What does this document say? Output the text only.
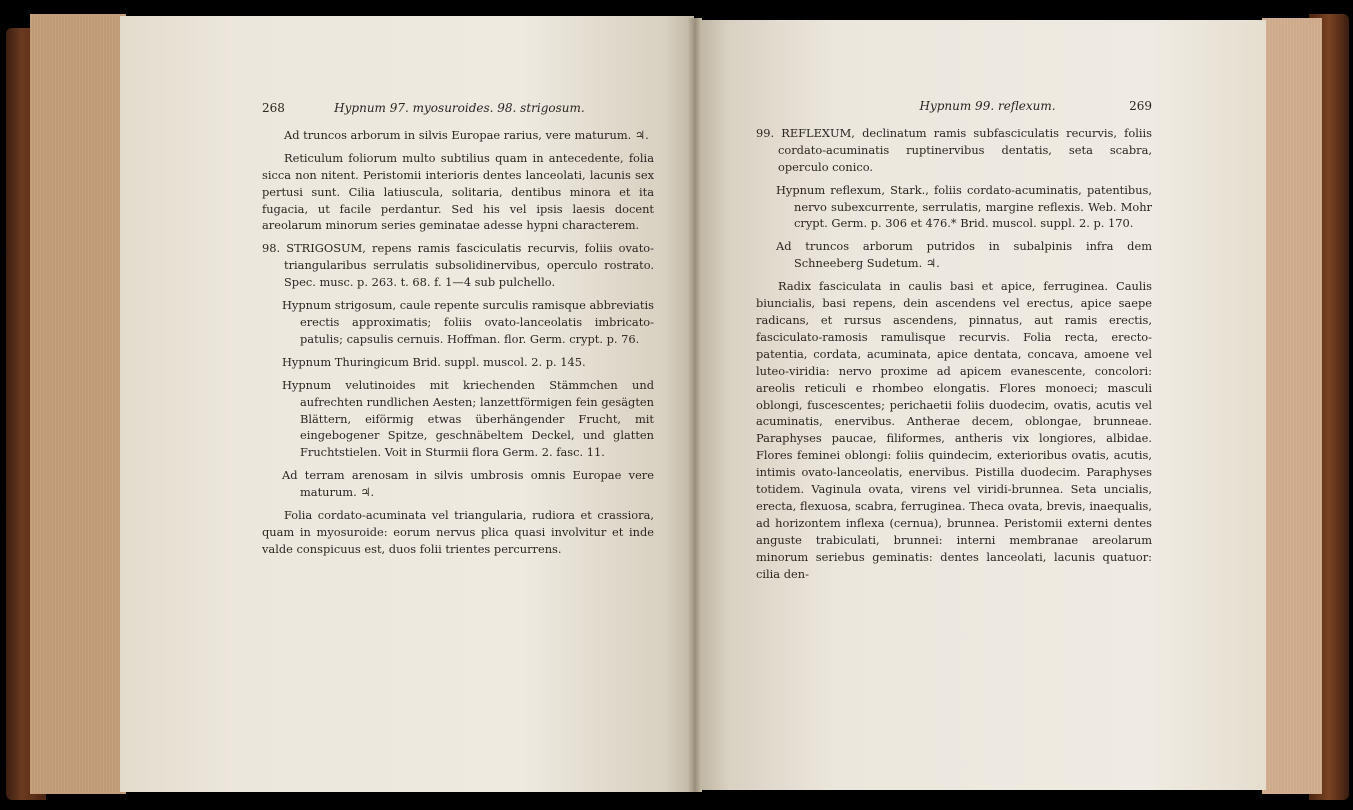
268	Hypnum 97. myosuroides. 98. strigosum.

Ad truncos arborum in silvis Europae rarius, vere maturum. ♃.

Reticulum foliorum multo subtilius quam in antecedente, folia sicca non nitent. Peristomii interioris dentes lanceolati, lacunis sex pertusi sunt. Cilia latiuscula, solitaria, dentibus minora et ita fugacia, ut facile perdantur. Sed his vel ipsis laesis docent areolarum minorum series geminatae adesse hypni characterem.

98. STRIGOSUM, repens ramis fasciculatis recurvis, foliis ovato-triangularibus serrulatis subsolidinervibus, operculo rostrato. Spec. musc. p. 263. t. 68. f. 1—4 sub pulchello.

Hypnum strigosum, caule repente surculis ramisque abbreviatis erectis approximatis; foliis ovato-lanceolatis imbricato-patulis; capsulis cernuis. Hoffman. flor. Germ. crypt. p. 76.

Hypnum Thuringicum Brid. suppl. muscol. 2. p. 145.

Hypnum velutinoides mit kriechenden Stämmchen und aufrechten rundlichen Aesten; lanzettförmigen fein gesägten Blättern, eiförmig etwas überhängender Frucht, mit eingebogener Spitze, geschnäbeltem Deckel, und glatten Fruchtstielen. Voit in Sturmii flora Germ. 2. fasc. 11.

Ad terram arenosam in silvis umbrosis omnis Europae vere maturum. ♃.

Folia cordato-acuminata vel triangularia, rudiora et crassiora, quam in myosuroide: eorum nervus plica quasi involvitur et inde valde conspicuus est, duos folii trientes percurrens.

Hypnum 99. reflexum.	269

99. REFLEXUM, declinatum ramis subfasciculatis recurvis, foliis cordato-acuminatis ruptinervibus dentatis, seta scabra, operculo conico.

Hypnum reflexum, Stark., foliis cordato-acuminatis, patentibus, nervo subexcurrente, serrulatis, margine reflexis. Web. Mohr crypt. Germ. p. 306 et 476.* Brid. muscol. suppl. 2. p. 170.

Ad truncos arborum putridos in subalpinis infra dem Schneeberg Sudetum. ♃.

Radix fasciculata in caulis basi et apice, ferruginea. Caulis biuncialis, basi repens, dein ascendens vel erectus, apice saepe radicans, et rursus ascendens, pinnatus, aut ramis erectis, fasciculato-ramosis ramulisque recurvis. Folia recta, erecto-patentia, cordata, acuminata, apice dentata, concava, amoene vel luteo-viridia: nervo proxime ad apicem evanescente, concolori: areolis reticuli e rhombeo elongatis. Flores monoeci; masculi oblongi, fuscescentes; perichaetii foliis duodecim, ovatis, acutis vel acuminatis, enervibus. Antherae decem, oblongae, brunneae. Paraphyses paucae, filiformes, antheris vix longiores, albidae. Flores feminei oblongi: foliis quindecim, exterioribus ovatis, acutis, intimis ovato-lanceolatis, enervibus. Pistilla duodecim. Paraphyses totidem. Vaginula ovata, virens vel viridi-brunnea. Seta uncialis, erecta, flexuosa, scabra, ferruginea. Theca ovata, brevis, inaequalis, ad horizontem inflexa (cernua), brunnea. Peristomii externi dentes anguste trabiculati, brunnei: interni membranae areolarum minorum seriebus geminatis: dentes lanceolati, lacunis quatuor: cilia den-
